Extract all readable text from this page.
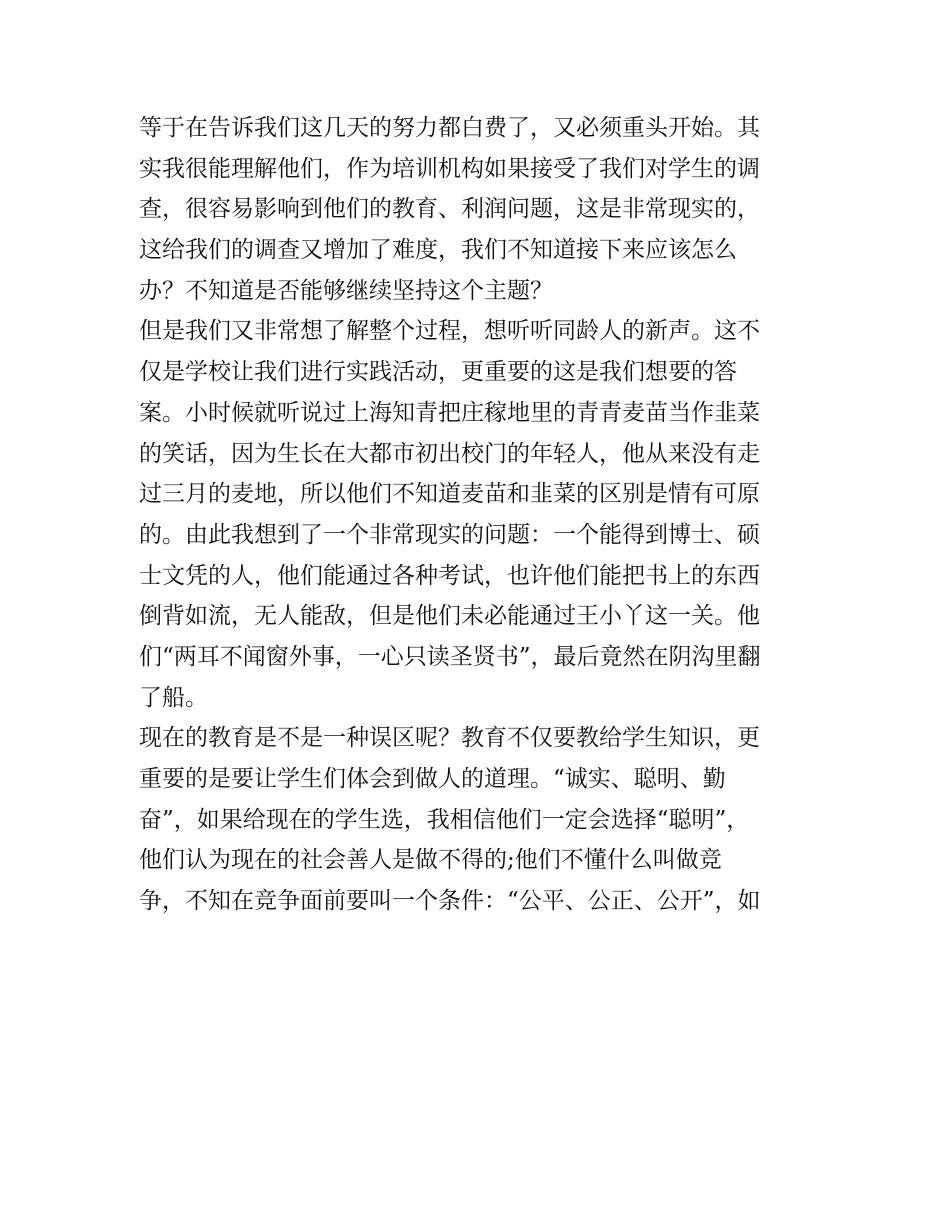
等于在告诉我们这几天的努力都白费了，又必须重头开始。其
实我很能理解他们，作为培训机构如果接受了我们对学生的调
查，很容易影响到他们的教育、利润问题，这是非常现实的，
这给我们的调查又增加了难度，我们不知道接下来应该怎么
办？不知道是否能够继续坚持这个主题？
但是我们又非常想了解整个过程，想听听同龄人的新声。这不
仅是学校让我们进行实践活动，更重要的这是我们想要的答
案。小时候就听说过上海知青把庄稼地里的青青麦苗当作韭菜
的笑话，因为生长在大都市初出校门的年轻人，他从来没有走
过三月的麦地，所以他们不知道麦苗和韭菜的区别是情有可原
的。由此我想到了一个非常现实的问题：一个能得到博士、硕
士文凭的人，他们能通过各种考试，也许他们能把书上的东西
倒背如流，无人能敌，但是他们未必能通过王小丫这一关。他
们“两耳不闻窗外事，一心只读圣贤书”，最后竟然在阴沟里翻
了船。
现在的教育是不是一种误区呢？教育不仅要教给学生知识，更
重要的是要让学生们体会到做人的道理。“诚实、聪明、勤
奋”，如果给现在的学生选，我相信他们一定会选择“聪明”，
他们认为现在的社会善人是做不得的;他们不懂什么叫做竞
争，不知在竞争面前要叫一个条件：“公平、公正、公开”，如
